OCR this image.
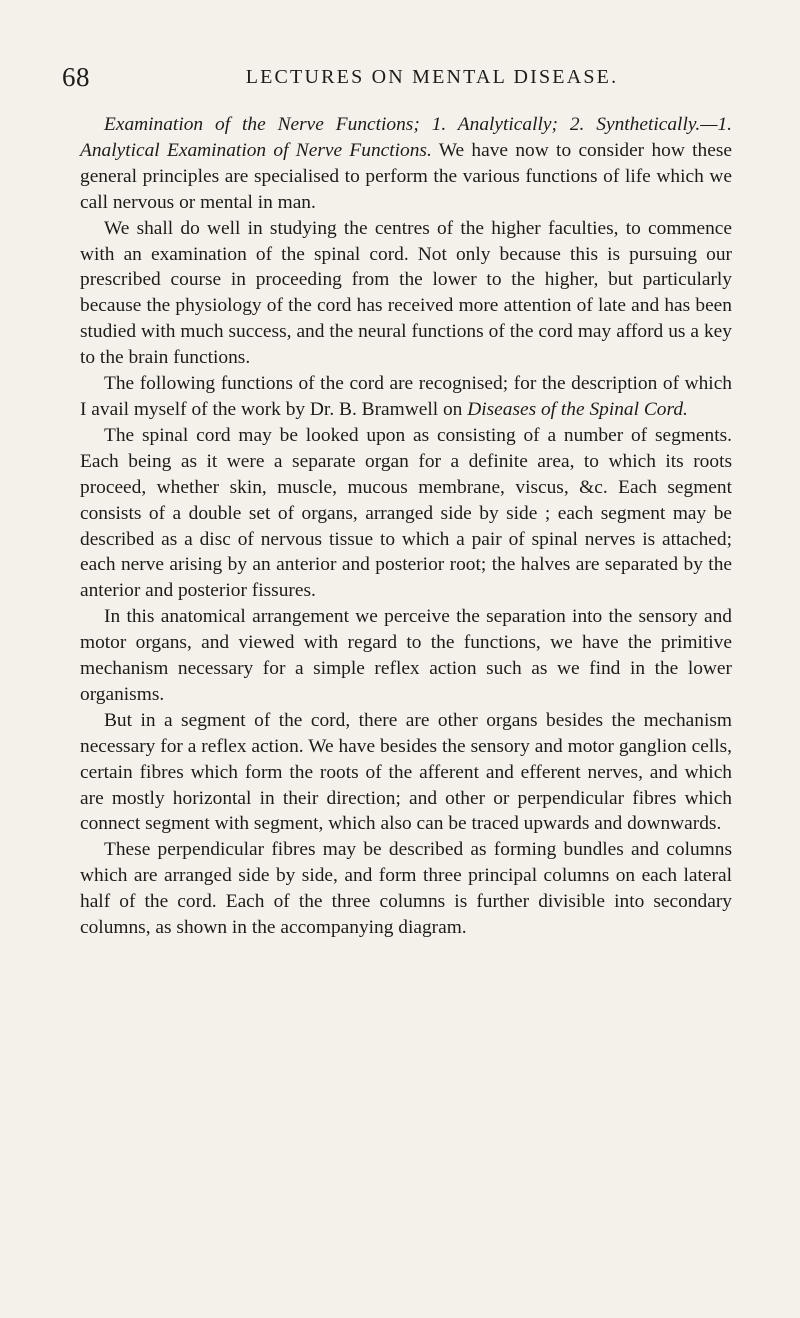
68	LECTURES ON MENTAL DISEASE.

Examination of the Nerve Functions; 1. Analytically; 2. Synthetically.—1. Analytical Examination of Nerve Functions. We have now to consider how these general principles are specialised to perform the various functions of life which we call nervous or mental in man.

We shall do well in studying the centres of the higher faculties, to commence with an examination of the spinal cord. Not only because this is pursuing our prescribed course in proceeding from the lower to the higher, but particularly because the physiology of the cord has received more attention of late and has been studied with much success, and the neural functions of the cord may afford us a key to the brain functions.

The following functions of the cord are recognised; for the description of which I avail myself of the work by Dr. B. Bramwell on Diseases of the Spinal Cord.

The spinal cord may be looked upon as consisting of a number of segments. Each being as it were a separate organ for a definite area, to which its roots proceed, whether skin, muscle, mucous membrane, viscus, &c. Each segment consists of a double set of organs, arranged side by side ; each segment may be described as a disc of nervous tissue to which a pair of spinal nerves is attached; each nerve arising by an anterior and posterior root; the halves are separated by the anterior and posterior fissures.

In this anatomical arrangement we perceive the separation into the sensory and motor organs, and viewed with regard to the functions, we have the primitive mechanism necessary for a simple reflex action such as we find in the lower organisms.

But in a segment of the cord, there are other organs besides the mechanism necessary for a reflex action. We have besides the sensory and motor ganglion cells, certain fibres which form the roots of the afferent and efferent nerves, and which are mostly horizontal in their direction; and other or perpendicular fibres which connect segment with segment, which also can be traced upwards and downwards.

These perpendicular fibres may be described as forming bundles and columns which are arranged side by side, and form three principal columns on each lateral half of the cord. Each of the three columns is further divisible into secondary columns, as shown in the accompanying diagram.
